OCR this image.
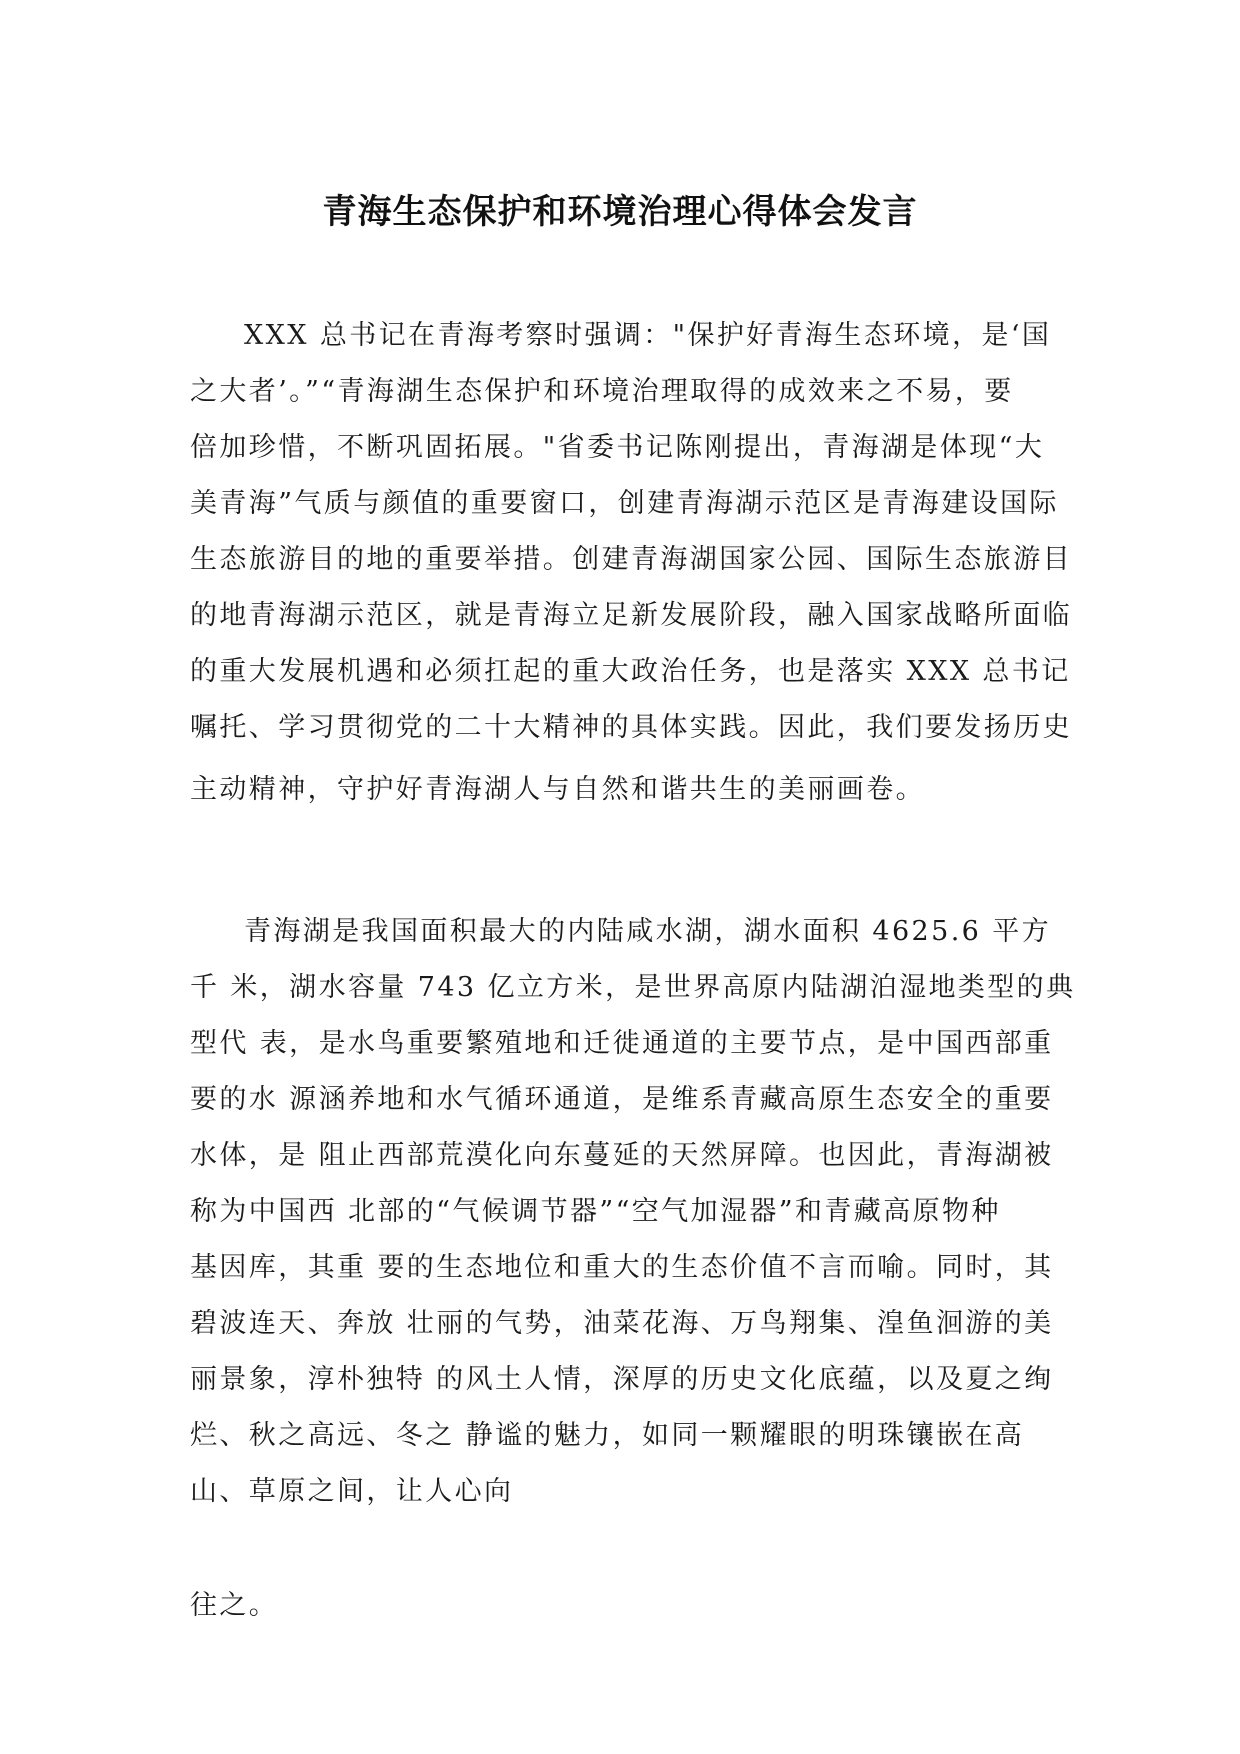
青海生态保护和环境治理心得体会发言
XXX 总书记在青海考察时强调："保护好青海生态环境，是‘国
之大者’。”“青海湖生态保护和环境治理取得的成效来之不易，要
倍加珍惜，不断巩固拓展。"省委书记陈刚提出，青海湖是体现“大
美青海”气质与颜值的重要窗口，创建青海湖示范区是青海建设国际
生态旅游目的地的重要举措。创建青海湖国家公园、国际生态旅游目
的地青海湖示范区，就是青海立足新发展阶段，融入国家战略所面临
的重大发展机遇和必须扛起的重大政治任务，也是落实 XXX 总书记
嘱托、学习贯彻党的二十大精神的具体实践。因此，我们要发扬历史
主动精神，守护好青海湖人与自然和谐共生的美丽画卷。
青海湖是我国面积最大的内陆咸水湖，湖水面积 4625.6 平方
千 米，湖水容量 743 亿立方米，是世界高原内陆湖泊湿地类型的典
型代 表，是水鸟重要繁殖地和迁徙通道的主要节点，是中国西部重
要的水 源涵养地和水气循环通道，是维系青藏高原生态安全的重要
水体，是 阻止西部荒漠化向东蔓延的天然屏障。也因此，青海湖被
称为中国西 北部的“气候调节器”“空气加湿器”和青藏高原物种
基因库，其重 要的生态地位和重大的生态价值不言而喻。同时，其
碧波连天、奔放 壮丽的气势，油菜花海、万鸟翔集、湟鱼洄游的美
丽景象，淳朴独特 的风土人情，深厚的历史文化底蕴，以及夏之绚
烂、秋之高远、冬之 静谧的魅力，如同一颗耀眼的明珠镶嵌在高
山、草原之间，让人心向
往之。
